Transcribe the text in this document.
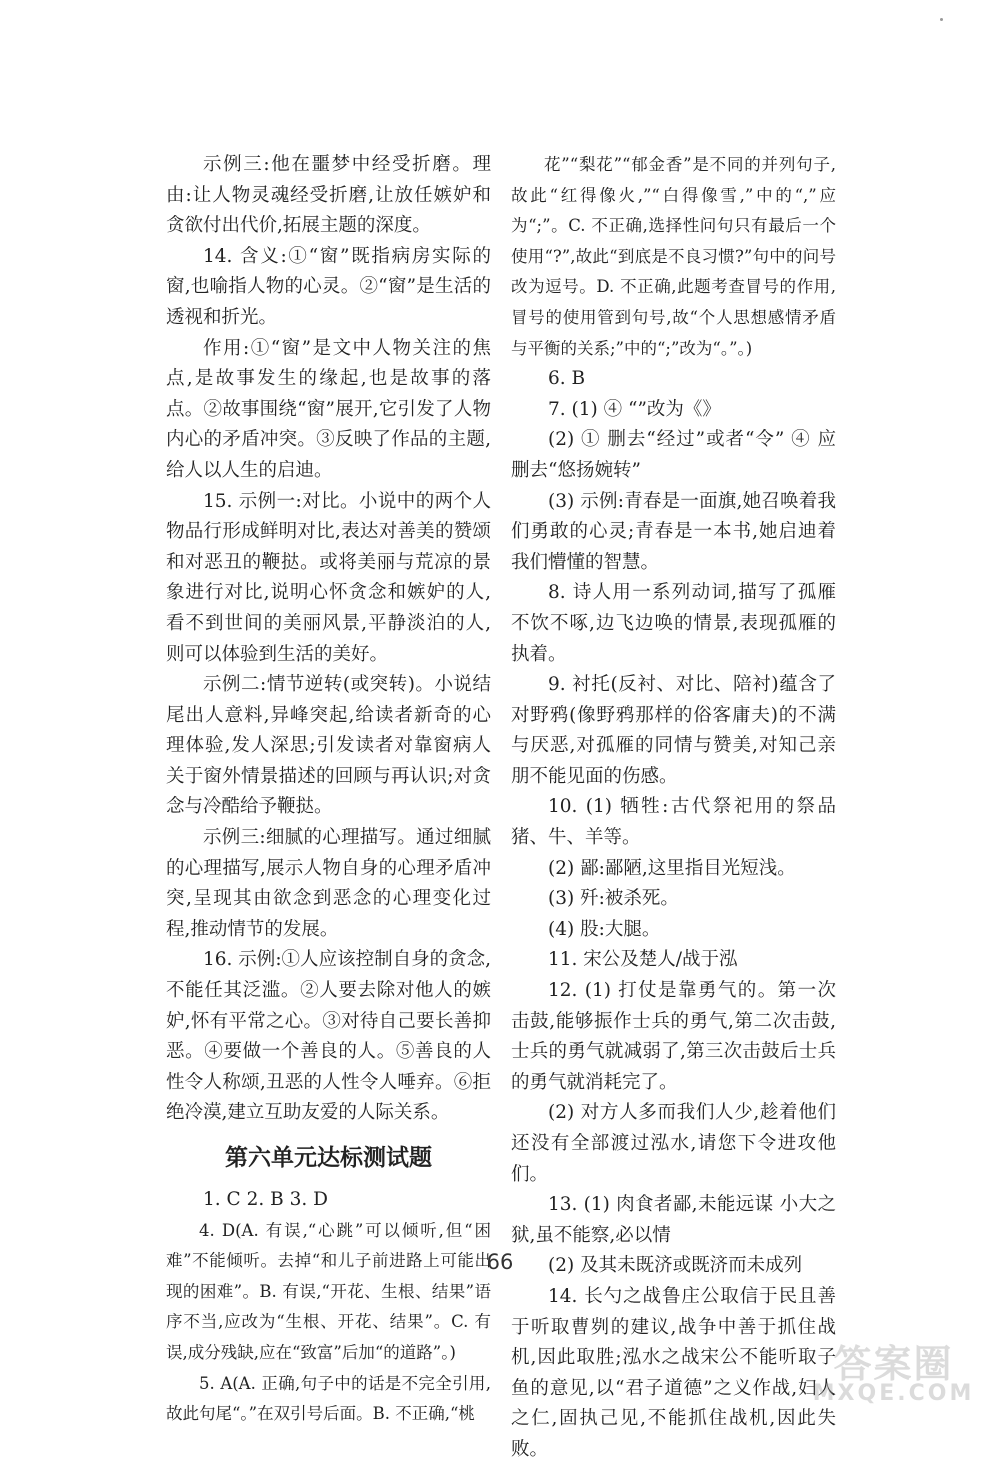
示例三:他在噩梦中经受折磨。理由:让人物灵魂经受折磨,让放任嫉妒和贪欲付出代价,拓展主题的深度。

14. 含义:①“窗”既指病房实际的窗,也喻指人物的心灵。②“窗”是生活的透视和折光。

作用:①“窗”是文中人物关注的焦点,是故事发生的缘起,也是故事的落点。②故事围绕“窗”展开,它引发了人物内心的矛盾冲突。③反映了作品的主题,给人以人生的启迪。

15. 示例一:对比。小说中的两个人物品行形成鲜明对比,表达对善美的赞颂和对恶丑的鞭挞。或将美丽与荒凉的景象进行对比,说明心怀贪念和嫉妒的人,看不到世间的美丽风景,平静淡泊的人,则可以体验到生活的美好。

示例二:情节逆转(或突转)。小说结尾出人意料,异峰突起,给读者新奇的心理体验,发人深思;引发读者对靠窗病人关于窗外情景描述的回顾与再认识;对贪念与冷酷给予鞭挞。

示例三:细腻的心理描写。通过细腻的心理描写,展示人物自身的心理矛盾冲突,呈现其由欲念到恶念的心理变化过程,推动情节的发展。

16. 示例:①人应该控制自身的贪念,不能任其泛滥。②人要去除对他人的嫉妒,怀有平常之心。③对待自己要长善抑恶。④要做一个善良的人。⑤善良的人性令人称颂,丑恶的人性令人唾弃。⑥拒绝冷漠,建立互助友爱的人际关系。

第六单元达标测试题

1. C 2. B 3. D

4. D(A. 有误,“心跳”可以倾听,但“困难”不能倾听。去掉“和儿子前进路上可能出现的困难”。B. 有误,“开花、生根、结果”语序不当,应改为“生根、开花、结果”。C. 有误,成分残缺,应在“致富”后加“的道路”。)

5. A(A. 正确,句子中的话是不完全引用,故此句尾“。”在双引号后面。B. 不正确,“桃

花”“梨花”“郁金香”是不同的并列句子,故此“红得像火,”“白得像雪,”中的“,”应为“;”。C. 不正确,选择性问句只有最后一个使用“?”,故此“到底是不良习惯?”句中的问号改为逗号。D. 不正确,此题考查冒号的作用,冒号的使用管到句号,故“个人思想感情矛盾与平衡的关系;”中的“;”改为“。”。)

6. B

7. (1) ④ “”改为《》

(2) ① 删去“经过”或者“令” ④ 应删去“悠扬婉转”

(3) 示例:青春是一面旗,她召唤着我们勇敢的心灵;青春是一本书,她启迪着我们懵懂的智慧。

8. 诗人用一系列动词,描写了孤雁不饮不啄,边飞边唤的情景,表现孤雁的执着。

9. 衬托(反衬、对比、陪衬)蕴含了对野鸦(像野鸦那样的俗客庸夫)的不满与厌恶,对孤雁的同情与赞美,对知己亲朋不能见面的伤感。

10. (1) 牺牲:古代祭祀用的祭品猪、牛、羊等。

(2) 鄙:鄙陋,这里指目光短浅。

(3) 歼:被杀死。

(4) 股:大腿。

11. 宋公及楚人/战于泓

12. (1) 打仗是靠勇气的。第一次击鼓,能够振作士兵的勇气,第二次击鼓,士兵的勇气就减弱了,第三次击鼓后士兵的勇气就消耗完了。

(2) 对方人多而我们人少,趁着他们还没有全部渡过泓水,请您下令进攻他们。

13. (1) 肉食者鄙,未能远谋 小大之狱,虽不能察,必以情

(2) 及其未既济或既济而未成列

14. 长勺之战鲁庄公取信于民且善于听取曹刿的建议,战争中善于抓住战机,因此取胜;泓水之战宋公不能听取子鱼的意见,以“君子道德”之义作战,妇人之仁,固执己见,不能抓住战机,因此失败。

66
答案圈
MXQE.COM
